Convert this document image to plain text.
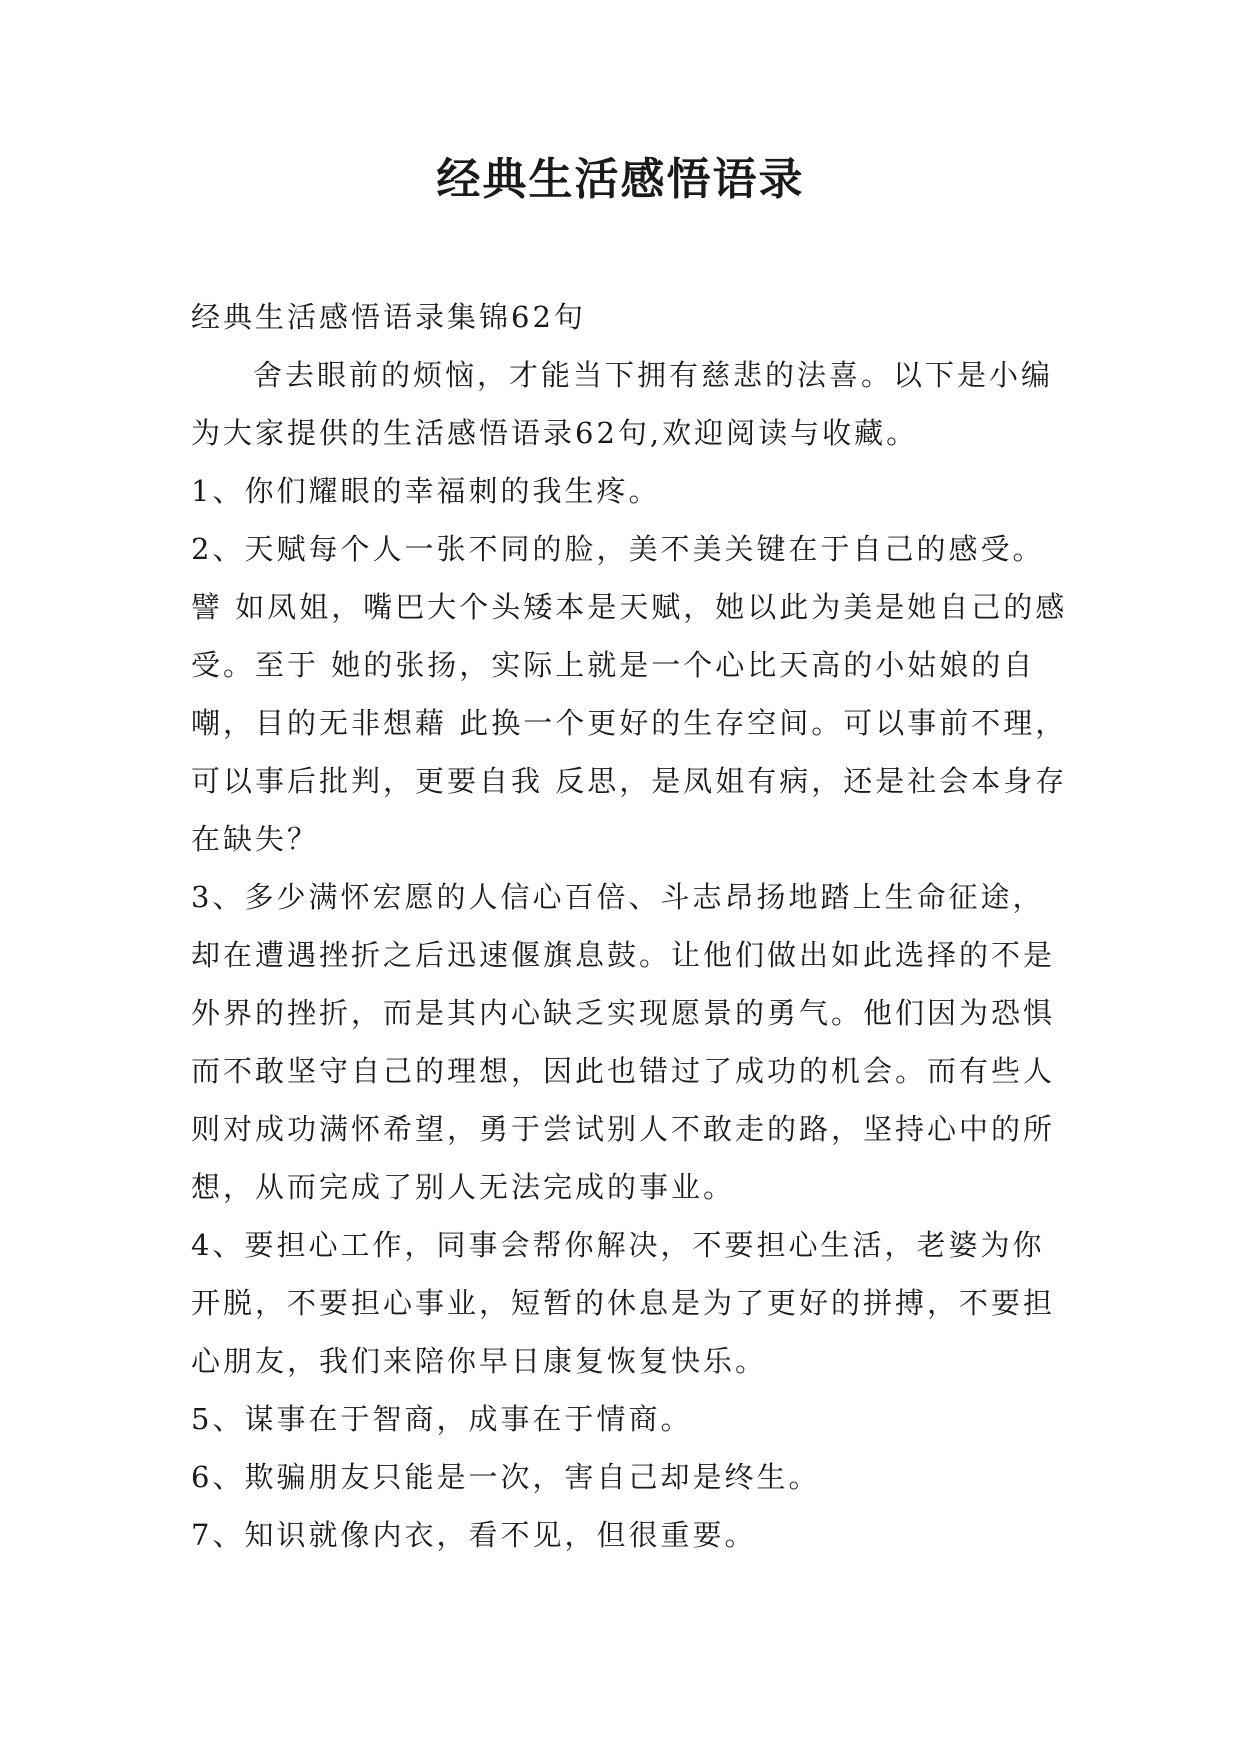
经典生活感悟语录

经典生活感悟语录集锦62句

舍去眼前的烦恼，才能当下拥有慈悲的法喜。以下是小编为大家提供的生活感悟语录62句,欢迎阅读与收藏。

1、你们耀眼的幸福刺的我生疼。

2、天赋每个人一张不同的脸，美不美关键在于自己的感受。譬 如凤姐，嘴巴大个头矮本是天赋，她以此为美是她自己的感受。至于 她的张扬，实际上就是一个心比天高的小姑娘的自嘲，目的无非想藉 此换一个更好的生存空间。可以事前不理，可以事后批判，更要自我 反思，是凤姐有病，还是社会本身存在缺失？

3、多少满怀宏愿的人信心百倍、斗志昂扬地踏上生命征途，却在遭遇挫折之后迅速偃旗息鼓。让他们做出如此选择的不是外界的挫折，而是其内心缺乏实现愿景的勇气。他们因为恐惧而不敢坚守自己的理想，因此也错过了成功的机会。而有些人则对成功满怀希望，勇于尝试别人不敢走的路，坚持心中的所想，从而完成了别人无法完成的事业。

4、要担心工作，同事会帮你解决，不要担心生活，老婆为你开脱，不要担心事业，短暂的休息是为了更好的拼搏，不要担心朋友，我们来陪你早日康复恢复快乐。

5、谋事在于智商，成事在于情商。

6、欺骗朋友只能是一次，害自己却是终生。

7、知识就像内衣，看不见，但很重要。
